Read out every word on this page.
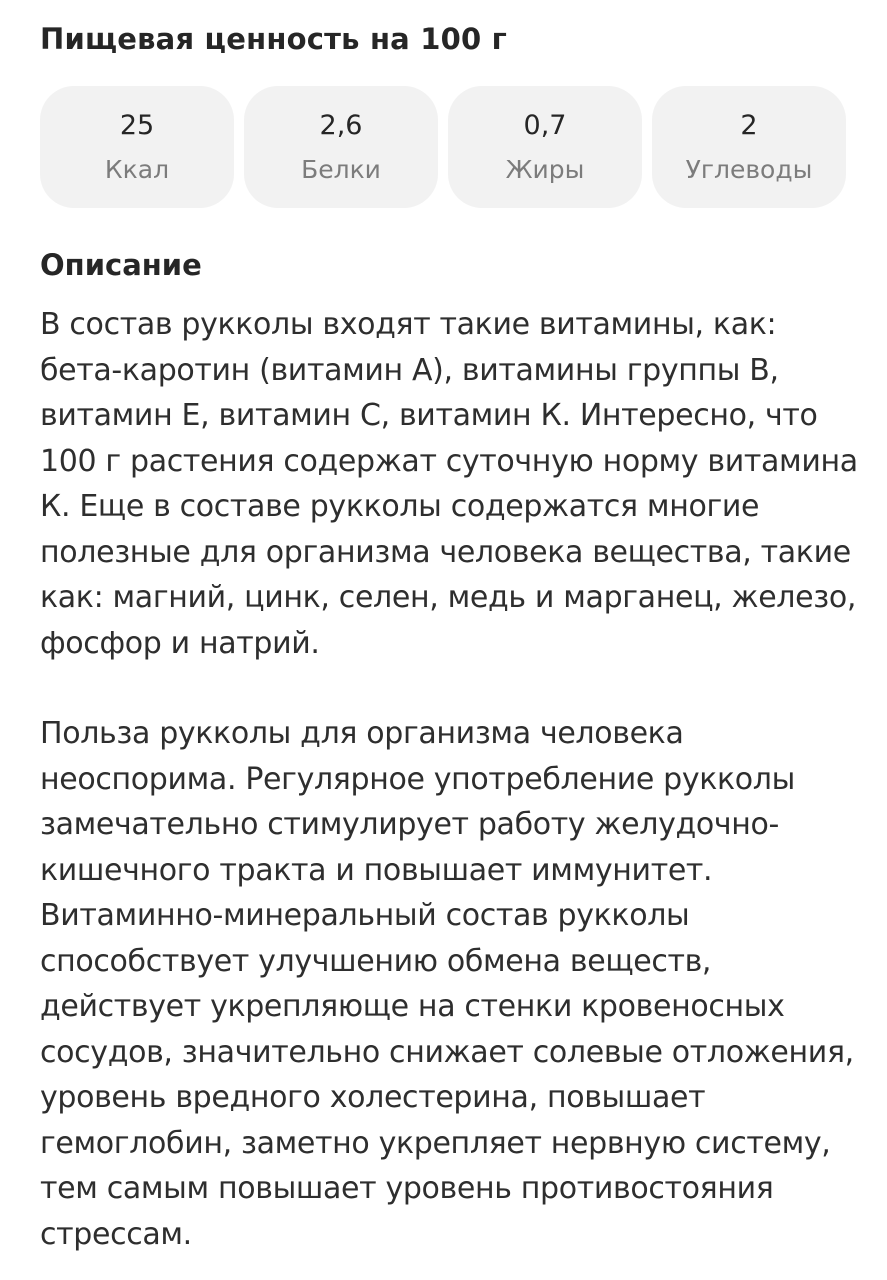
Пищевая ценность на 100 г
25
Ккал
2,6
Белки
0,7
Жиры
2
Углеводы
Описание

В состав рукколы входят такие витамины, как: бета-каротин (витамин А), витамины группы В, витамин Е, витамин С, витамин К. Интересно, что 100 г растения содержат суточную норму витамина К. Еще в составе рукколы содержатся многие полезные для организма человека вещества, такие как: магний, цинк, селен, медь и марганец, железо, фосфор и натрий.

Польза рукколы для организма человека неоспорима. Регулярное употребление рукколы замечательно стимулирует работу желудочно-кишечного тракта и повышает иммунитет. Витаминно-минеральный состав рукколы способствует улучшению обмена веществ, действует укрепляюще на стенки кровеносных сосудов, значительно снижает солевые отложения, уровень вредного холестерина, повышает гемоглобин, заметно укрепляет нервную систему, тем самым повышает уровень противостояния стрессам.
